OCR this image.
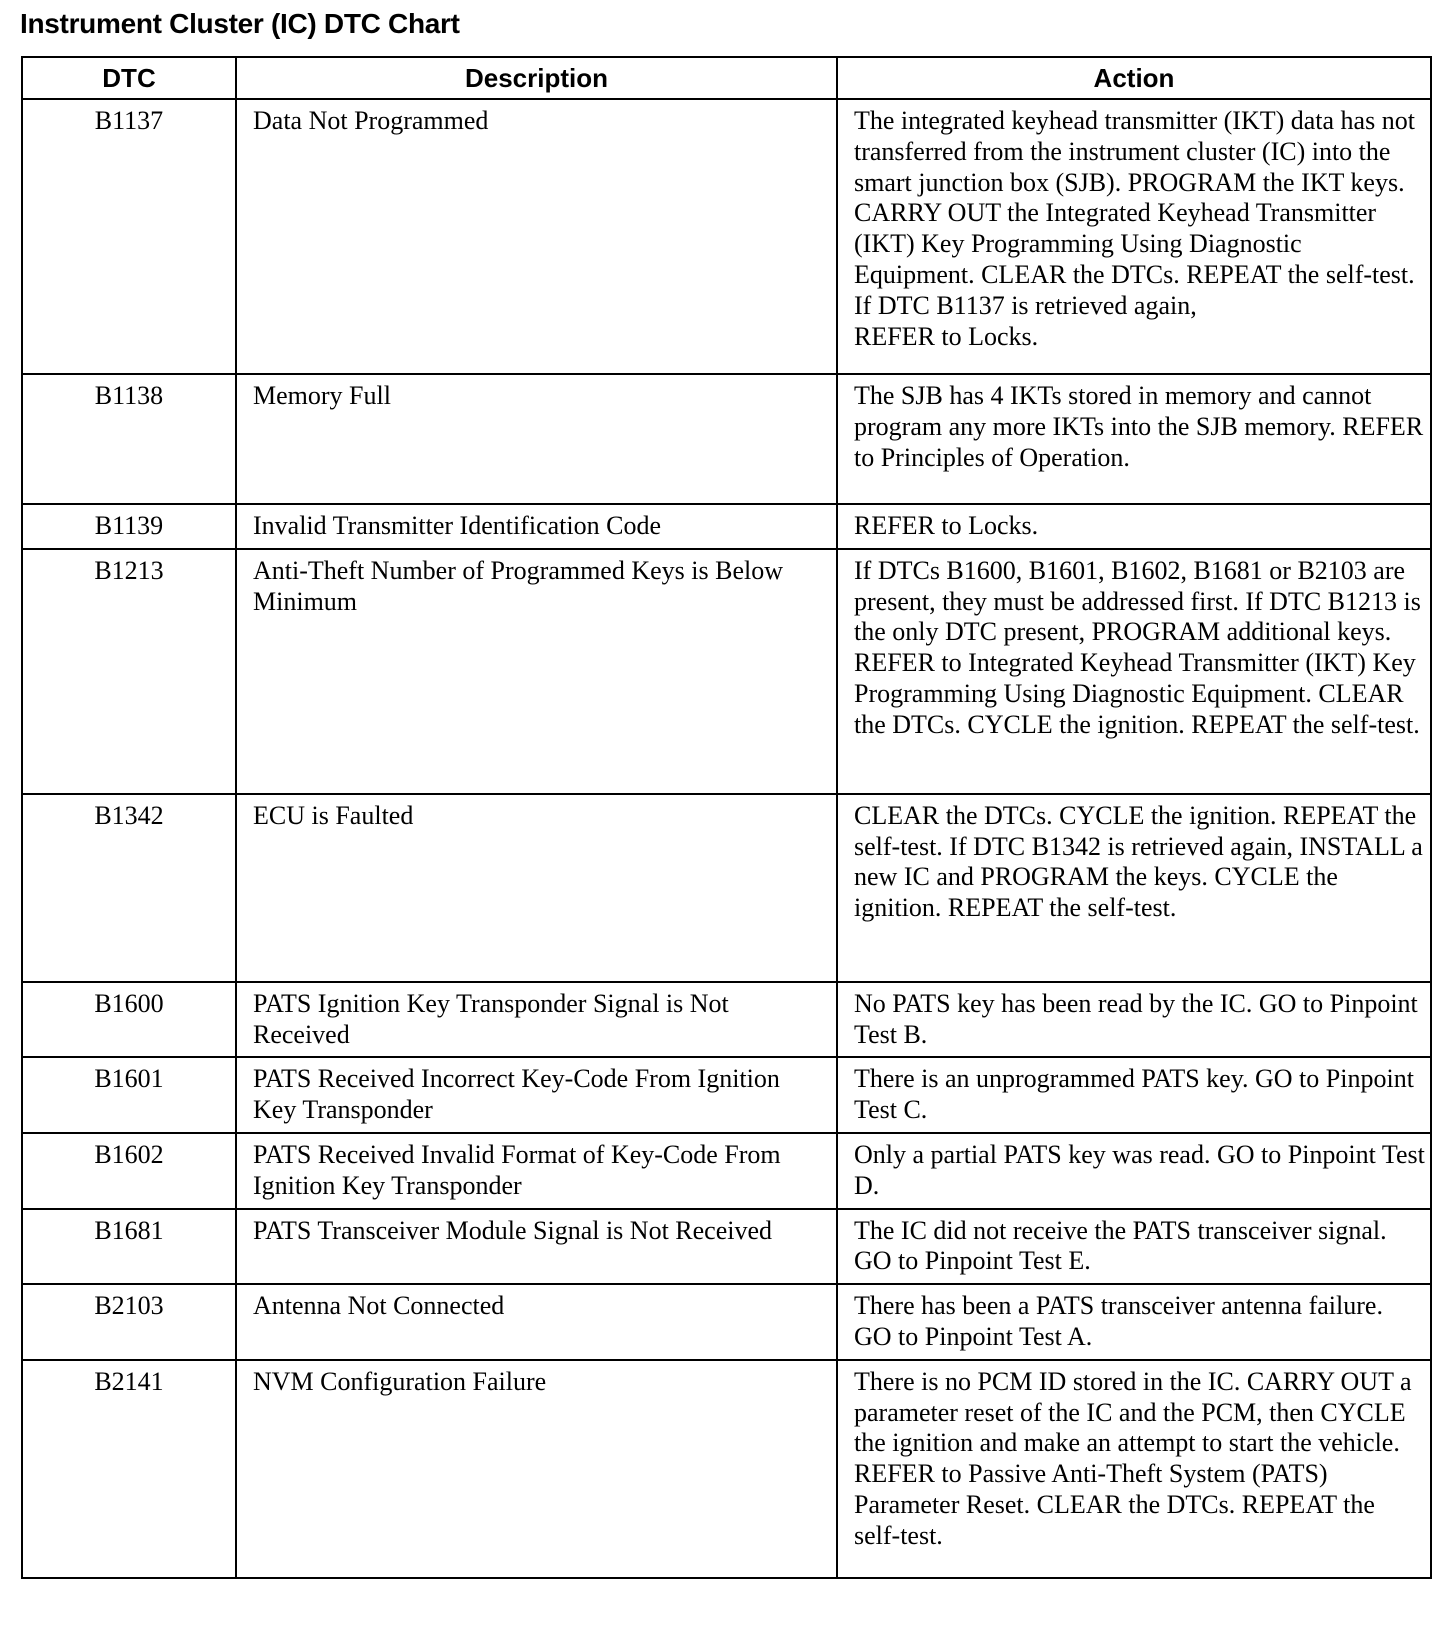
Instrument Cluster (IC) DTC Chart
DTC	Description	Action
B1137	Data Not Programmed	The integrated keyhead transmitter (IKT) data has not transferred from the instrument cluster (IC) into the smart junction box (SJB). PROGRAM the IKT keys. CARRY OUT the Integrated Keyhead Transmitter (IKT) Key Programming Using Diagnostic Equipment. CLEAR the DTCs. REPEAT the self-test.
If DTC B1137 is retrieved again,
REFER to Locks.
B1138	Memory Full	The SJB has 4 IKTs stored in memory and cannot program any more IKTs into the SJB memory. REFER to Principles of Operation.
B1139	Invalid Transmitter Identification Code	REFER to Locks.
B1213	Anti-Theft Number of Programmed Keys is Below Minimum	If DTCs B1600, B1601, B1602, B1681 or B2103 are present, they must be addressed first. If DTC B1213 is the only DTC present, PROGRAM additional keys. REFER to Integrated Keyhead Transmitter (IKT) Key Programming Using Diagnostic Equipment. CLEAR the DTCs. CYCLE the ignition. REPEAT the self-test.
B1342	ECU is Faulted	CLEAR the DTCs. CYCLE the ignition. REPEAT the self-test. If DTC B1342 is retrieved again, INSTALL a new IC and PROGRAM the keys. CYCLE the ignition. REPEAT the self-test.
B1600	PATS Ignition Key Transponder Signal is Not Received	No PATS key has been read by the IC. GO to Pinpoint Test B.
B1601	PATS Received Incorrect Key-Code From Ignition Key Transponder	There is an unprogrammed PATS key. GO to Pinpoint Test C.
B1602	PATS Received Invalid Format of Key-Code From Ignition Key Transponder	Only a partial PATS key was read. GO to Pinpoint Test D.
B1681	PATS Transceiver Module Signal is Not Received	The IC did not receive the PATS transceiver signal. GO to Pinpoint Test E.
B2103	Antenna Not Connected	There has been a PATS transceiver antenna failure. GO to Pinpoint Test A.
B2141	NVM Configuration Failure	There is no PCM ID stored in the IC. CARRY OUT a parameter reset of the IC and the PCM, then CYCLE the ignition and make an attempt to start the vehicle. REFER to Passive Anti-Theft System (PATS) Parameter Reset. CLEAR the DTCs. REPEAT the self-test.
